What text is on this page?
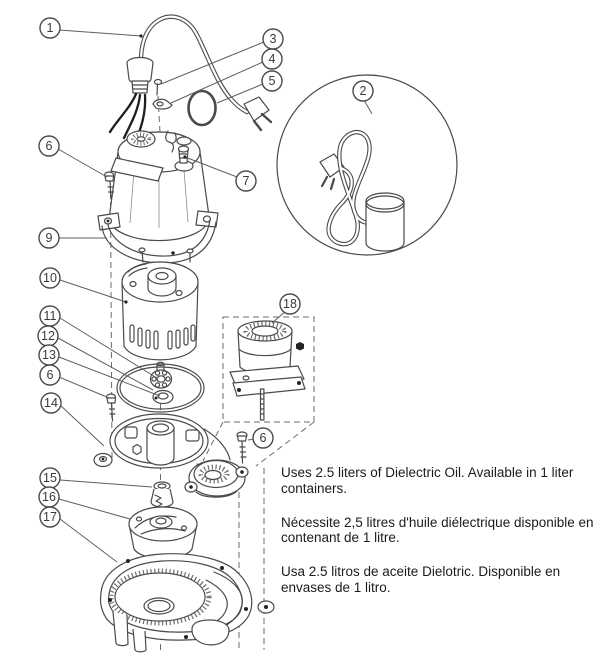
1
3
4
5
2
6
7
9
10
11
12
13
6
14
18
6
15
16
17

Uses 2.5 liters of Dielectric Oil. Available in 1 liter containers.

Nécessite 2,5 litres d'huile diélectrique disponible en contenant de 1 litre.

Usa 2.5 litros de aceite Dielotric. Disponible en envases de 1 litro.
